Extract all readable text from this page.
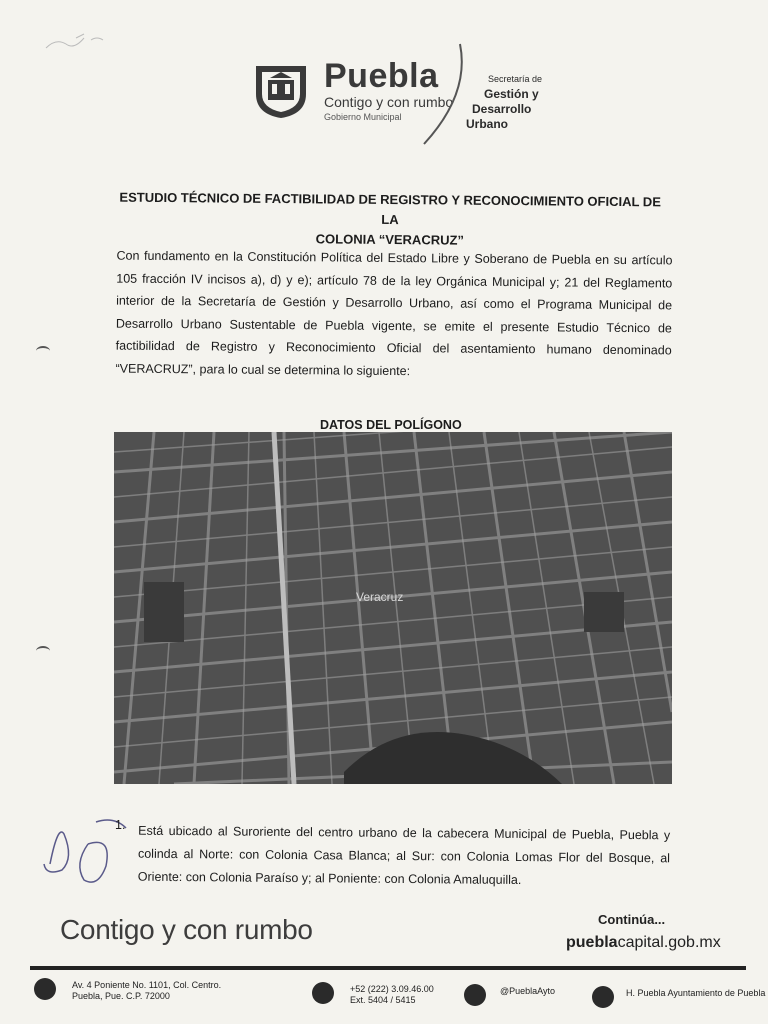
Puebla
Contigo y con rumbo
Gobierno Municipal
Secretaría de
Gestión y
Desarrollo
Urbano
ESTUDIO TÉCNICO DE FACTIBILIDAD DE REGISTRO Y RECONOCIMIENTO OFICIAL DE LA
COLONIA “VERACRUZ”
Con fundamento en la Constitución Política del Estado Libre y Soberano de Puebla en su artículo 105 fracción IV incisos a), d) y e); artículo 78 de la ley Orgánica Municipal y; 21 del Reglamento interior de la Secretaría de Gestión y Desarrollo Urbano, así como el Programa Municipal de Desarrollo Urbano Sustentable de Puebla vigente, se emite el presente Estudio Técnico de factibilidad de Registro y Reconocimiento Oficial del asentamiento humano denominado “VERACRUZ”, para lo cual se determina lo siguiente:
DATOS DEL POLÍGONO
Veracruz
1. Está ubicado al Suroriente del centro urbano de la cabecera Municipal de Puebla, Puebla y colinda al Norte: con Colonia Casa Blanca; al Sur: con Colonia Lomas Flor del Bosque, al Oriente: con Colonia Paraíso y; al Poniente: con Colonia Amaluquilla.
Contigo y con rumbo	Continúa...
pueblacapital.gob.mx
Av. 4 Poniente No. 1101, Col. Centro.
Puebla, Pue. C.P. 72000
+52 (222) 3.09.46.00
Ext. 5404 / 5415
@PueblaAyto	H. Puebla Ayuntamiento de Puebla
